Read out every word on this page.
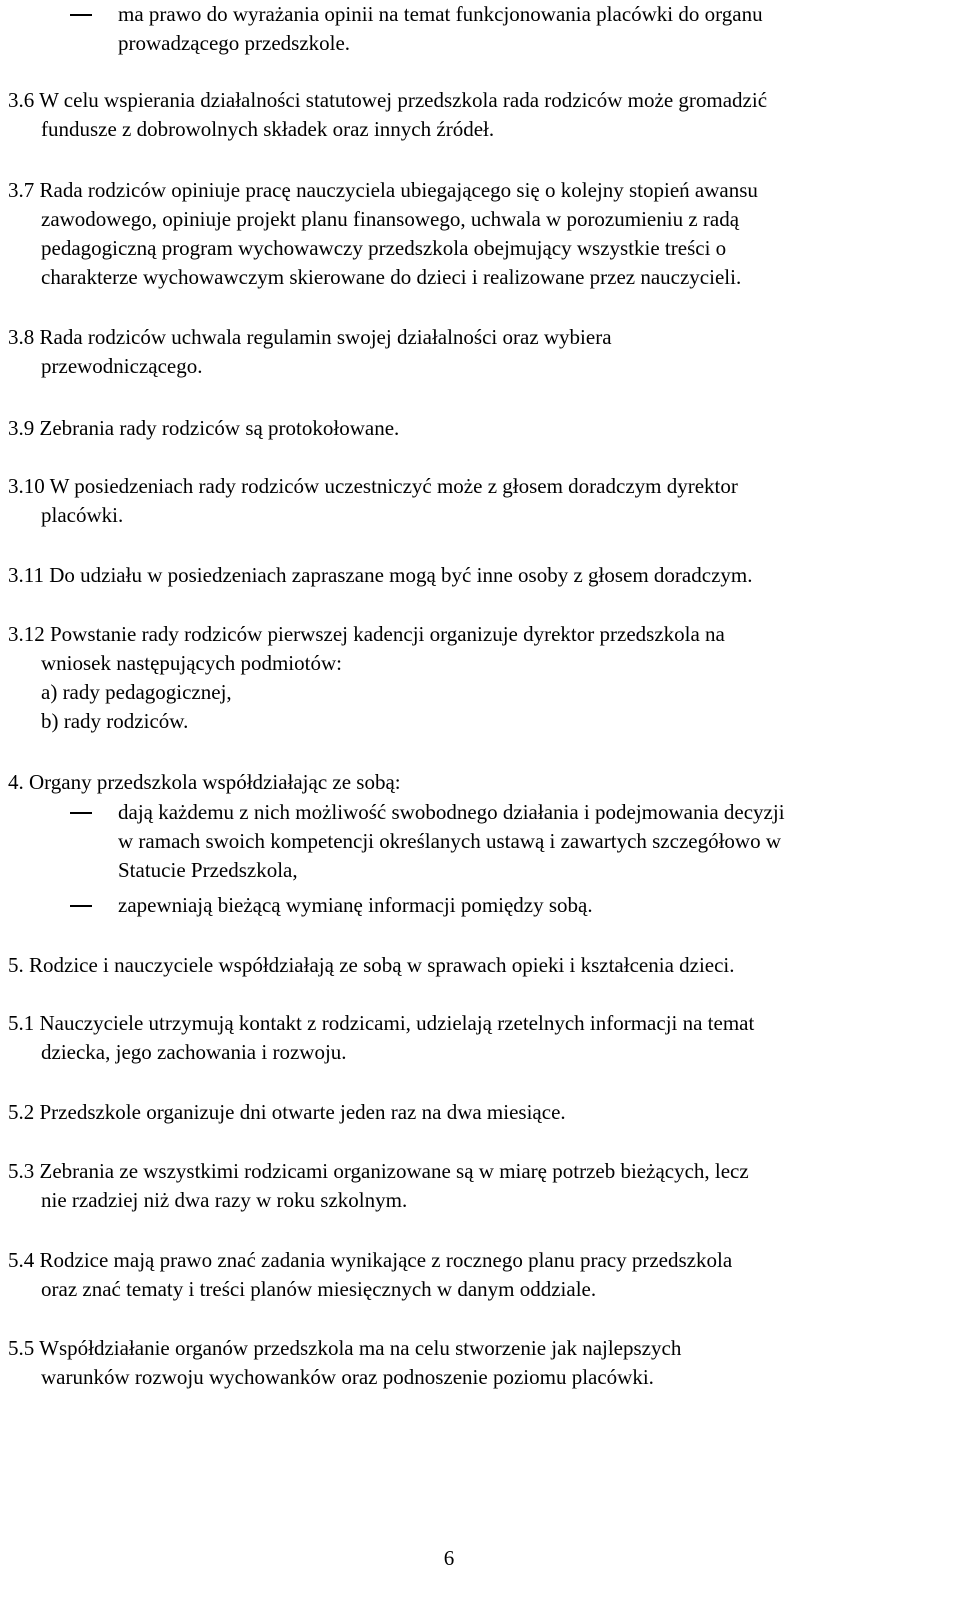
ma prawo do wyrażania opinii na temat funkcjonowania placówki do organu
prowadzącego przedszkole.
3.6 W celu wspierania działalności statutowej przedszkola rada rodziców może gromadzić
fundusze z dobrowolnych składek oraz innych źródeł.
3.7 Rada rodziców opiniuje pracę nauczyciela ubiegającego się o kolejny stopień awansu
zawodowego, opiniuje projekt planu finansowego, uchwala w porozumieniu z radą
pedagogiczną program wychowawczy przedszkola obejmujący wszystkie treści o
charakterze wychowawczym skierowane do dzieci i realizowane przez nauczycieli.
3.8 Rada rodziców uchwala regulamin swojej działalności oraz wybiera
przewodniczącego.
3.9 Zebrania rady rodziców są protokołowane.
3.10 W posiedzeniach rady rodziców uczestniczyć może z głosem doradczym dyrektor
placówki.
3.11 Do udziału w posiedzeniach zapraszane mogą być inne osoby z głosem doradczym.
3.12 Powstanie rady rodziców pierwszej kadencji organizuje dyrektor przedszkola na
wniosek następujących podmiotów:
a) rady pedagogicznej,
b) rady rodziców.
4. Organy przedszkola współdziałając ze sobą:
dają każdemu z nich możliwość swobodnego działania i podejmowania decyzji
w ramach swoich kompetencji określanych ustawą i zawartych szczegółowo w
Statucie Przedszkola,
zapewniają bieżącą wymianę informacji pomiędzy sobą.
5. Rodzice i nauczyciele współdziałają ze sobą w sprawach opieki i kształcenia dzieci.
5.1 Nauczyciele utrzymują kontakt z rodzicami, udzielają rzetelnych informacji na temat
dziecka, jego zachowania i rozwoju.
5.2 Przedszkole organizuje dni otwarte jeden raz na dwa miesiące.
5.3 Zebrania ze wszystkimi rodzicami organizowane są w miarę potrzeb bieżących, lecz
nie rzadziej niż dwa razy w roku szkolnym.
5.4 Rodzice mają prawo znać zadania wynikające z rocznego planu pracy przedszkola
oraz znać tematy i treści planów miesięcznych w danym oddziale.
5.5 Współdziałanie organów przedszkola ma na celu stworzenie jak najlepszych
warunków rozwoju wychowanków oraz podnoszenie poziomu placówki.
6
